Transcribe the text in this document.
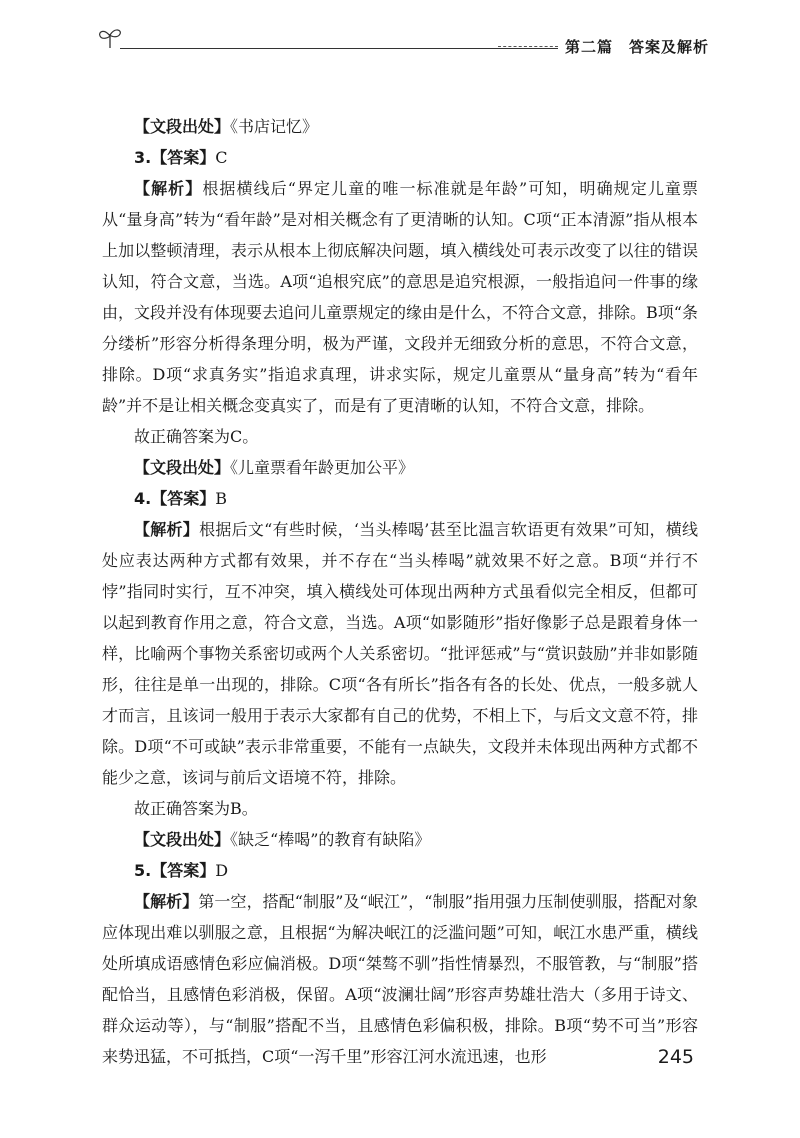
第二篇　答案及解析

【文段出处】《书店记忆》

3.【答案】C

【解析】根据横线后“界定儿童的唯一标准就是年龄”可知，明确规定儿童票从“量身高”转为“看年龄”是对相关概念有了更清晰的认知。C项“正本清源”指从根本上加以整顿清理，表示从根本上彻底解决问题，填入横线处可表示改变了以往的错误认知，符合文意，当选。A项“追根究底”的意思是追究根源，一般指追问一件事的缘由，文段并没有体现要去追问儿童票规定的缘由是什么，不符合文意，排除。B项“条分缕析”形容分析得条理分明，极为严谨，文段并无细致分析的意思，不符合文意，排除。D项“求真务实”指追求真理，讲求实际，规定儿童票从“量身高”转为“看年龄”并不是让相关概念变真实了，而是有了更清晰的认知，不符合文意，排除。

故正确答案为C。

【文段出处】《儿童票看年龄更加公平》

4.【答案】B

【解析】根据后文“有些时候，‘当头棒喝’甚至比温言软语更有效果”可知，横线处应表达两种方式都有效果，并不存在“当头棒喝”就效果不好之意。B项“并行不悖”指同时实行，互不冲突，填入横线处可体现出两种方式虽看似完全相反，但都可以起到教育作用之意，符合文意，当选。A项“如影随形”指好像影子总是跟着身体一样，比喻两个事物关系密切或两个人关系密切。“批评惩戒”与“赏识鼓励”并非如影随形，往往是单一出现的，排除。C项“各有所长”指各有各的长处、优点，一般多就人才而言，且该词一般用于表示大家都有自己的优势，不相上下，与后文文意不符，排除。D项“不可或缺”表示非常重要，不能有一点缺失，文段并未体现出两种方式都不能少之意，该词与前后文语境不符，排除。

故正确答案为B。

【文段出处】《缺乏“棒喝”的教育有缺陷》

5.【答案】D

【解析】第一空，搭配“制服”及“岷江”，“制服”指用强力压制使驯服，搭配对象应体现出难以驯服之意，且根据“为解决岷江的泛滥问题”可知，岷江水患严重，横线处所填成语感情色彩应偏消极。D项“桀骜不驯”指性情暴烈，不服管教，与“制服”搭配恰当，且感情色彩消极，保留。A项“波澜壮阔”形容声势雄壮浩大（多用于诗文、群众运动等），与“制服”搭配不当，且感情色彩偏积极，排除。B项“势不可当”形容来势迅猛，不可抵挡，C项“一泻千里”形容江河水流迅速，也形	245
